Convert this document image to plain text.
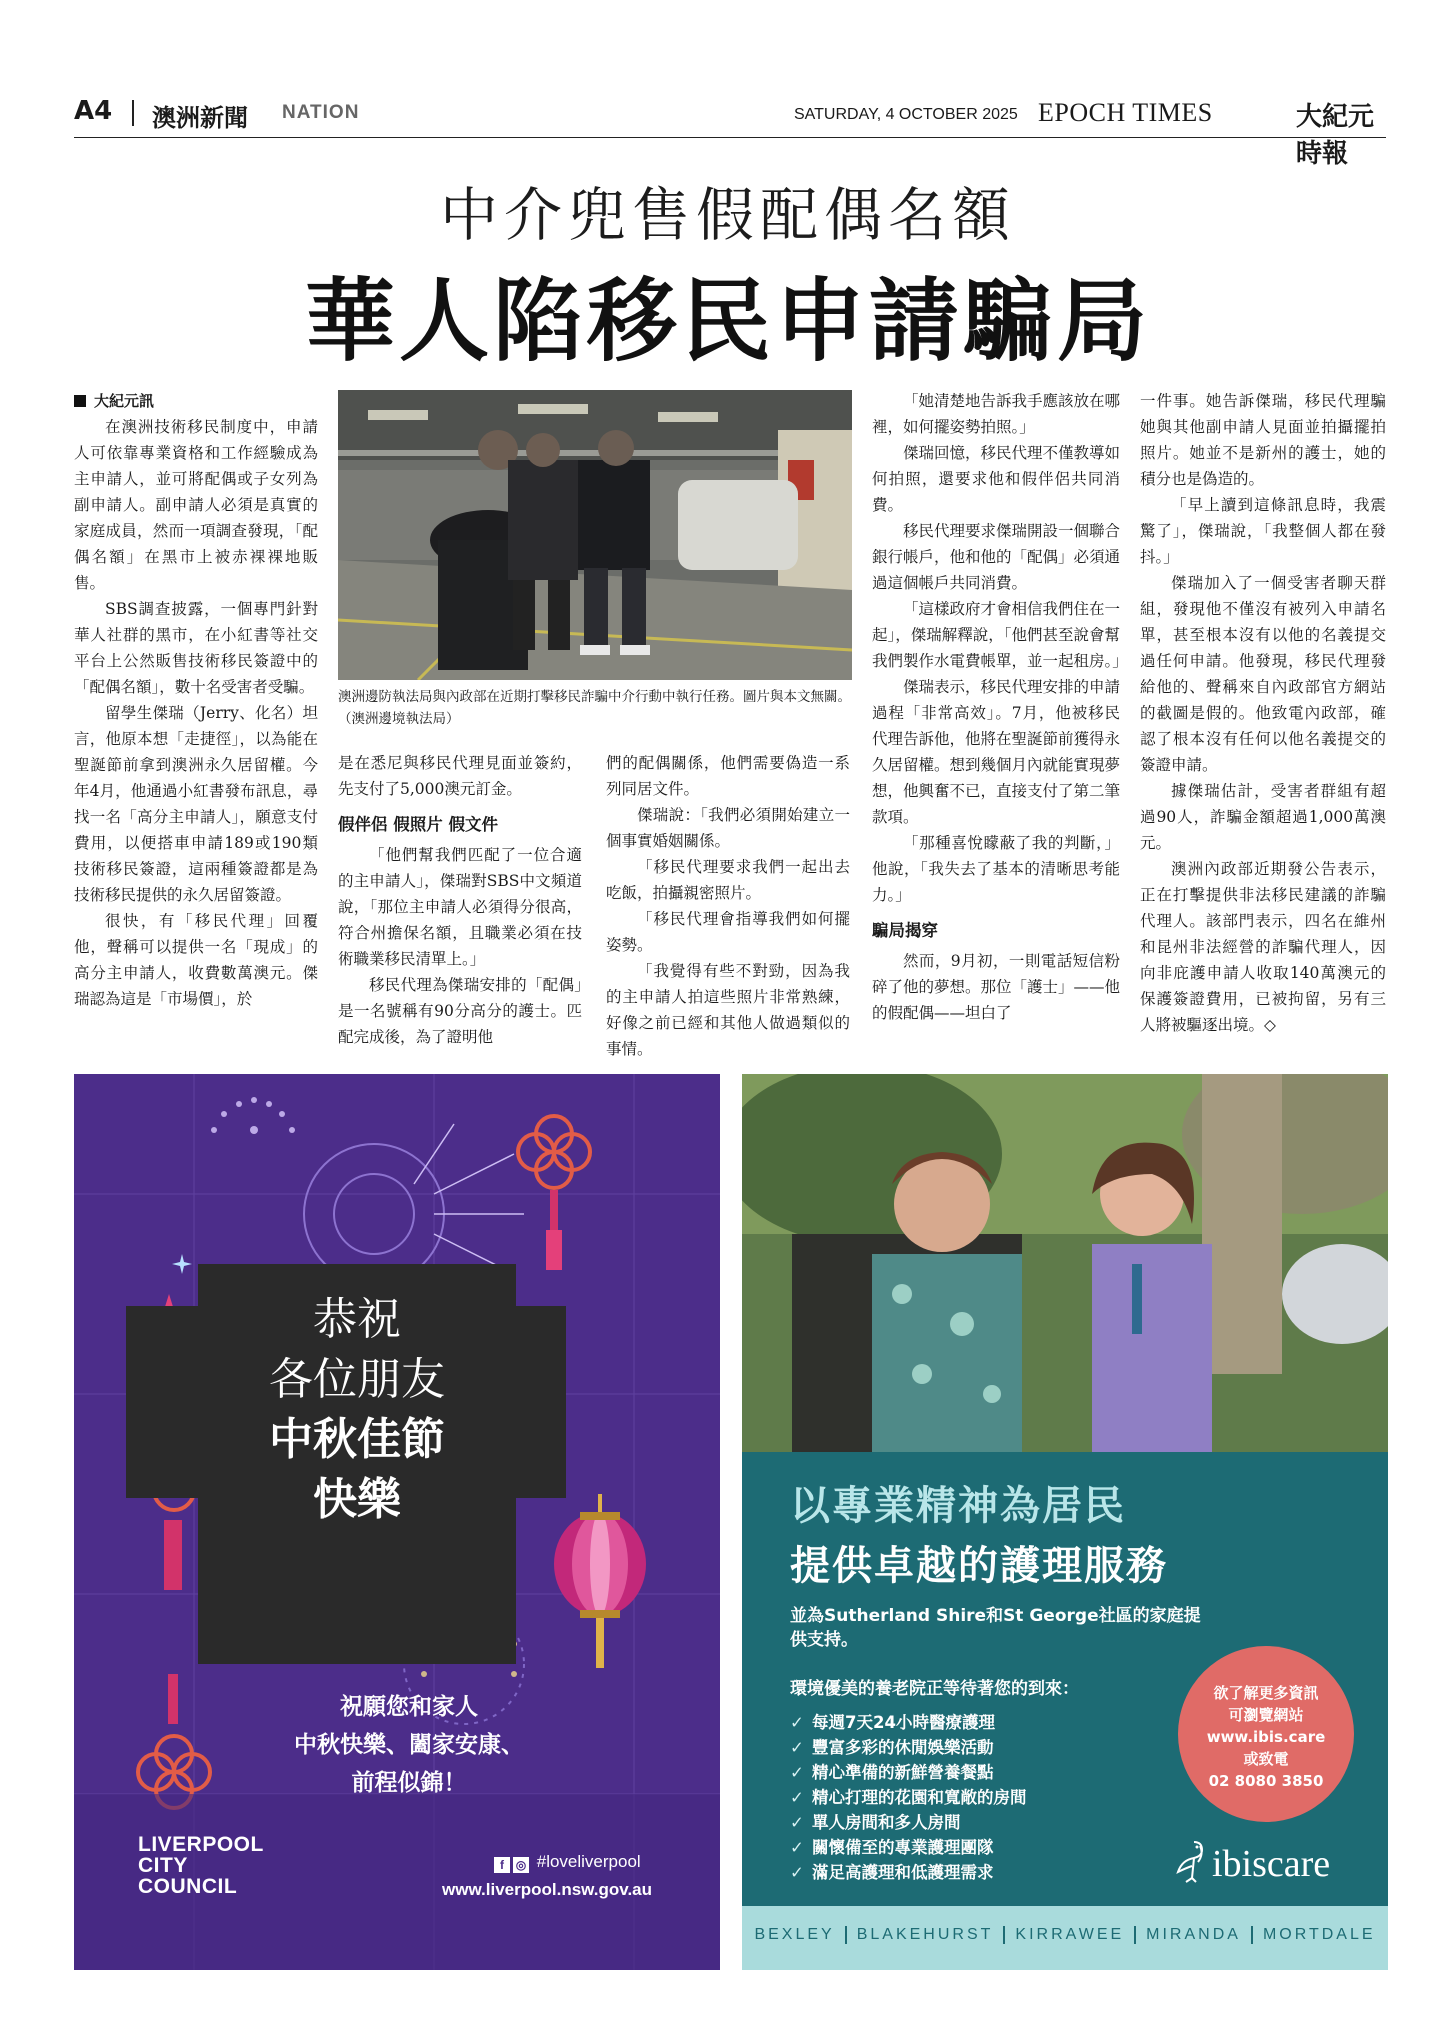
A4 澳洲新聞 NATION	SATURDAY, 4 OCTOBER 2025 EPOCH TIMES	大紀元時報
中介兜售假配偶名額
華人陷移民申請騙局

大紀元訊

在澳洲技術移民制度中，申請人可依靠專業資格和工作經驗成為主申請人，並可將配偶或子女列為副申請人。副申請人必須是真實的家庭成員，然而一項調查發現，「配偶名額」在黑市上被赤裸裸地販售。

SBS調查披露，一個專門針對華人社群的黑市，在小紅書等社交平台上公然販售技術移民簽證中的「配偶名額」，數十名受害者受騙。

留學生傑瑞（Jerry、化名）坦言，他原本想「走捷徑」，以為能在聖誕節前拿到澳洲永久居留權。今年4月，他通過小紅書發布訊息，尋找一名「高分主申請人」，願意支付費用，以便搭車申請189或190類技術移民簽證，這兩種簽證都是為技術移民提供的永久居留簽證。

很快，有「移民代理」回覆他，聲稱可以提供一名「現成」的高分主申請人，收費數萬澳元。傑瑞認為這是「市場價」，於

澳洲邊防執法局與內政部在近期打擊移民詐騙中介行動中執行任務。圖片與本文無關。（澳洲邊境執法局）

是在悉尼與移民代理見面並簽約，先支付了5,000澳元訂金。

假伴侶 假照片 假文件

「他們幫我們匹配了一位合適的主申請人」，傑瑞對SBS中文頻道說，「那位主申請人必須得分很高，符合州擔保名額，且職業必須在技術職業移民清單上。」

移民代理為傑瑞安排的「配偶」是一名號稱有90分高分的護士。匹配完成後，為了證明他

們的配偶關係，他們需要偽造一系列同居文件。

傑瑞說：「我們必須開始建立一個事實婚姻關係。

「移民代理要求我們一起出去吃飯，拍攝親密照片。

「移民代理會指導我們如何擺姿勢。

「我覺得有些不對勁，因為我的主申請人拍這些照片非常熟練，好像之前已經和其他人做過類似的事情。

「她清楚地告訴我手應該放在哪裡，如何擺姿勢拍照。」

傑瑞回憶，移民代理不僅教導如何拍照，還要求他和假伴侶共同消費。

移民代理要求傑瑞開設一個聯合銀行帳戶，他和他的「配偶」必須通過這個帳戶共同消費。

「這樣政府才會相信我們住在一起」，傑瑞解釋說，「他們甚至說會幫我們製作水電費帳單，並一起租房。」

傑瑞表示，移民代理安排的申請過程「非常高效」。7月，他被移民代理告訴他，他將在聖誕節前獲得永久居留權。想到幾個月內就能實現夢想，他興奮不已，直接支付了第二筆款項。

「那種喜悅矇蔽了我的判斷，」他說，「我失去了基本的清晰思考能力。」

騙局揭穿

然而，9月初，一則電話短信粉碎了他的夢想。那位「護士」——他的假配偶——坦白了

一件事。她告訴傑瑞，移民代理騙她與其他副申請人見面並拍攝擺拍照片。她並不是新州的護士，她的積分也是偽造的。

「早上讀到這條訊息時，我震驚了」，傑瑞說，「我整個人都在發抖。」

傑瑞加入了一個受害者聊天群組，發現他不僅沒有被列入申請名單，甚至根本沒有以他的名義提交過任何申請。他發現，移民代理發給他的、聲稱來自內政部官方網站的截圖是假的。他致電內政部，確認了根本沒有任何以他名義提交的簽證申請。

據傑瑞估計，受害者群組有超過90人，詐騙金額超過1,000萬澳元。

澳洲內政部近期發公告表示，正在打擊提供非法移民建議的詐騙代理人。該部門表示，四名在維州和昆州非法經營的詐騙代理人，因向非庇護申請人收取140萬澳元的保護簽證費用，已被拘留，另有三人將被驅逐出境。◇

恭祝
各位朋友
中秋佳節
快樂
祝願您和家人
中秋快樂、闔家安康、
前程似錦！
LIVERPOOL
CITY
COUNCIL
f ◎ #loveliverpool
www.liverpool.nsw.gov.au
以專業精神為居民
提供卓越的護理服務
並為Sutherland Shire和St George社區的家庭提供支持。
環境優美的養老院正等待著您的到來：
✓ 每週7天24小時醫療護理
✓ 豐富多彩的休閒娛樂活動
✓ 精心準備的新鮮營養餐點
✓ 精心打理的花園和寬敞的房間
✓ 單人房間和多人房間
✓ 關懷備至的專業護理團隊
✓ 滿足高護理和低護理需求
欲了解更多資訊
可瀏覽網站
www.ibis.care
或致電
02 8080 3850
ibiscare
BEXLEY	BLAKEHURST	KIRRAWEE	MIRANDA	MORTDALE
